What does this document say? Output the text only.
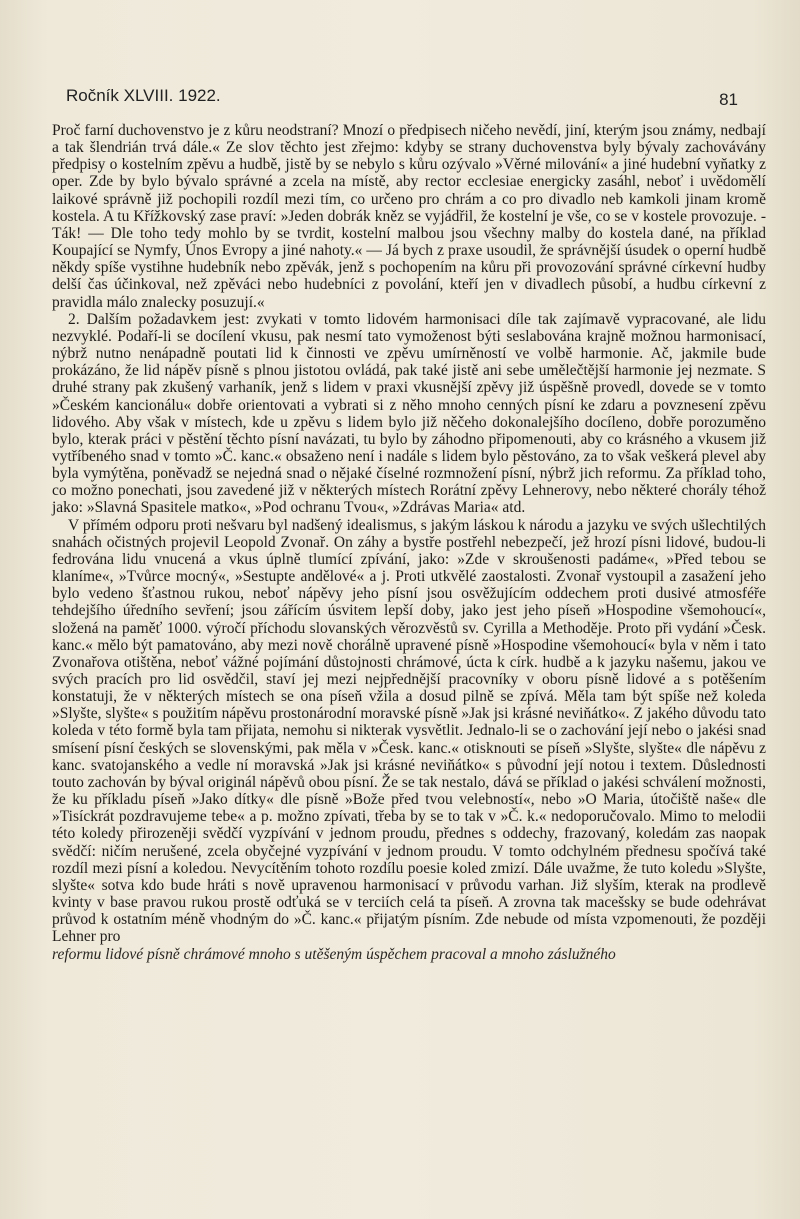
Ročník XLVIII. 1922.	81

Proč farní duchovenstvo je z kůru neodstraní? Mnozí o předpisech ničeho nevědí, jiní, kterým jsou známy, nedbají a tak šlendrián trvá dále.« Ze slov těchto jest zřejmo: kdyby se strany duchovenstva byly bývaly zachovávány předpisy o kostelním zpěvu a hudbě, jistě by se nebylo s kůru ozývalo »Věrné milování« a jiné hudební vyňatky z oper. Zde by bylo bývalo správné a zcela na místě, aby rector ecclesiae energicky zasáhl, neboť i uvědomělí laikové správně již pochopili rozdíl mezi tím, co určeno pro chrám a co pro divadlo neb kamkoli jinam kromě kostela. A tu Křížkovský zase praví: »Jeden dobrák kněz se vyjádřil, že kostelní je vše, co se v kostele provozuje. - Ták! — Dle toho tedy mohlo by se tvrdit, kostelní malbou jsou všechny malby do kostela dané, na příklad Koupající se Nymfy, Únos Evropy a jiné nahoty.« — Já bych z praxe usoudil, že správnější úsudek o operní hudbě někdy spíše vystihne hudebník nebo zpěvák, jenž s pochopením na kůru při provozování správné církevní hudby delší čas účinkoval, než zpěváci nebo hudebníci z povolání, kteří jen v divadlech působí, a hudbu církevní z pravidla málo znalecky posuzují.«

2. Dalším požadavkem jest: zvykati v tomto lidovém harmonisaci díle tak zajímavě vypracované, ale lidu nezvyklé. Podaří-li se docílení vkusu, pak nesmí tato vymoženost býti seslabována krajně možnou harmonisací, nýbrž nutno nenápadně poutati lid k činnosti ve zpěvu umírněností ve volbě harmonie. Ač, jakmile bude prokázáno, že lid nápěv písně s plnou jistotou ovládá, pak také jistě ani sebe umělečtější harmonie jej nezmate. S druhé strany pak zkušený varhaník, jenž s lidem v praxi vkusnější zpěvy již úspěšně provedl, dovede se v tomto »Českém kancionálu« dobře orientovati a vybrati si z něho mnoho cenných písní ke zdaru a povznesení zpěvu lidového. Aby však v místech, kde u zpěvu s lidem bylo již něčeho dokonalejšího docíleno, dobře porozuměno bylo, kterak práci v pěstění těchto písní navázati, tu bylo by záhodno připomenouti, aby co krásného a vkusem již vytříbeného snad v tomto »Č. kanc.« obsaženo není i nadále s lidem bylo pěstováno, za to však veškerá plevel aby byla vymýtěna, poněvadž se nejedná snad o nějaké číselné rozmnožení písní, nýbrž jich reformu. Za příklad toho, co možno ponechati, jsou zavedené již v některých místech Rorátní zpěvy Lehnerovy, nebo některé chorály téhož jako: »Slavná Spasitele matko«, »Pod ochranu Tvou«, »Zdrávas Maria« atd.

V přímém odporu proti nešvaru byl nadšený idealismus, s jakým láskou k národu a jazyku ve svých ušlechtilých snahách očistných projevil Leopold Zvonař. On záhy a bystře postřehl nebezpečí, jež hrozí písni lidové, budou-li fedrována lidu vnucená a vkus úplně tlumící zpívání, jako: »Zde v skroušenosti padáme«, »Před tebou se klaníme«, »Tvůrce mocný«, »Sestupte andělové« a j. Proti utkvělé zaostalosti. Zvonař vystoupil a zasažení jeho bylo vedeno šťastnou rukou, neboť nápěvy jeho písní jsou osvěžujícím oddechem proti dusivé atmosféře tehdejšího úředního sevření; jsou zářícím úsvitem lepší doby, jako jest jeho píseň »Hospodine všemohoucí«, složená na paměť 1000. výročí příchodu slovanských věrozvěstů sv. Cyrilla a Methoděje. Proto při vydání »Česk. kanc.« mělo být pamatováno, aby mezi nově chorálně upravené písně »Hospodine všemohoucí« byla v něm i tato Zvonařova otištěna, neboť vážné pojímání důstojnosti chrámové, úcta k círk. hudbě a k jazyku našemu, jakou ve svých pracích pro lid osvědčil, staví jej mezi nejpřednější pracovníky v oboru písně lidové a s potěšením konstatuji, že v některých místech se ona píseň vžila a dosud pilně se zpívá. Měla tam být spíše než koleda »Slyšte, slyšte« s použitím nápěvu prostonárodní moravské písně »Jak jsi krásné neviňátko«. Z jakého důvodu tato koleda v této formě byla tam přijata, nemohu si nikterak vysvětlit. Jednalo-li se o zachování její nebo o jakési snad smísení písní českých se slovenskými, pak měla v »Česk. kanc.« otisknouti se píseň »Slyšte, slyšte« dle nápěvu z kanc. svatojanského a vedle ní moravská »Jak jsi krásné neviňátko« s původní její notou i textem. Důslednosti touto zachován by býval originál nápěvů obou písní. Že se tak nestalo, dává se příklad o jakési schválení možnosti, že ku příkladu píseň »Jako dítky« dle písně »Bože před tvou velebností«, nebo »O Maria, útočiště naše« dle »Tisíckrát pozdravujeme tebe« a p. možno zpívati, třeba by se to tak v »Č. k.« nedoporučovalo. Mimo to melodii této koledy přirozeněji svědčí vyzpívání v jednom proudu, přednes s oddechy, frazovaný, koledám zas naopak svědčí: ničím nerušené, zcela obyčejné vyzpívání v jednom proudu. V tomto odchylném přednesu spočívá také rozdíl mezi písní a koledou. Nevycítěním tohoto rozdílu poesie koled zmizí. Dále uvažme, že tuto koledu »Slyšte, slyšte« sotva kdo bude hráti s nově upravenou harmonisací v průvodu varhan. Již slyším, kterak na prodlevě kvinty v base pravou rukou prostě odťuká se v terciích celá ta píseň. A zrovna tak macešsky se bude odehrávat průvod k ostatním méně vhodným do »Č. kanc.« přijatým písním. Zde nebude od místa vzpomenouti, že později Lehner pro

reformu lidové písně chrámové mnoho s utěšeným úspěchem pracoval a mnoho záslužného
